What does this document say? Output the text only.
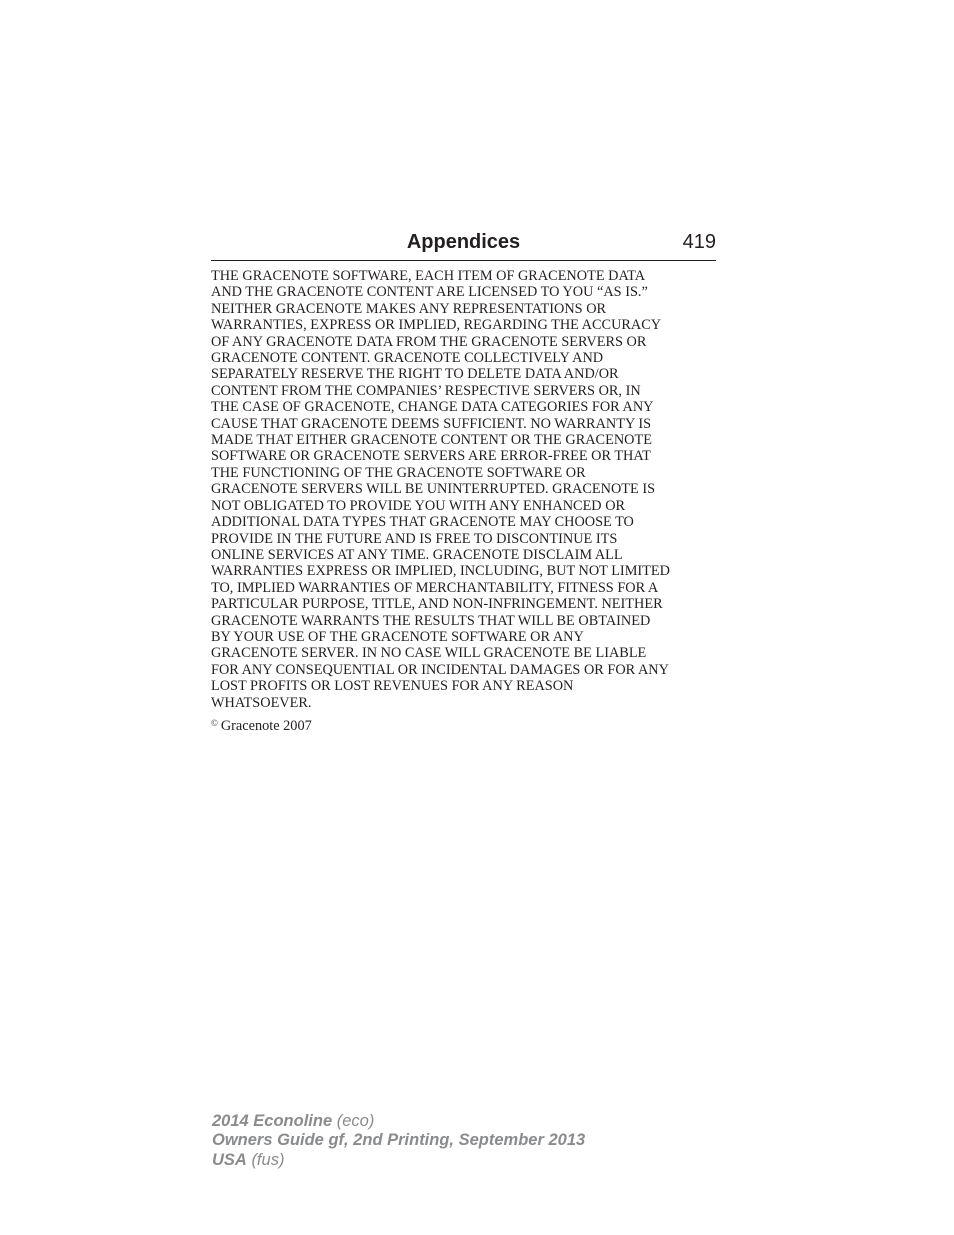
Appendices	419
THE GRACENOTE SOFTWARE, EACH ITEM OF GRACENOTE DATA
AND THE GRACENOTE CONTENT ARE LICENSED TO YOU “AS IS.”
NEITHER GRACENOTE MAKES ANY REPRESENTATIONS OR
WARRANTIES, EXPRESS OR IMPLIED, REGARDING THE ACCURACY
OF ANY GRACENOTE DATA FROM THE GRACENOTE SERVERS OR
GRACENOTE CONTENT. GRACENOTE COLLECTIVELY AND
SEPARATELY RESERVE THE RIGHT TO DELETE DATA AND/OR
CONTENT FROM THE COMPANIES’ RESPECTIVE SERVERS OR, IN
THE CASE OF GRACENOTE, CHANGE DATA CATEGORIES FOR ANY
CAUSE THAT GRACENOTE DEEMS SUFFICIENT. NO WARRANTY IS
MADE THAT EITHER GRACENOTE CONTENT OR THE GRACENOTE
SOFTWARE OR GRACENOTE SERVERS ARE ERROR-FREE OR THAT
THE FUNCTIONING OF THE GRACENOTE SOFTWARE OR
GRACENOTE SERVERS WILL BE UNINTERRUPTED. GRACENOTE IS
NOT OBLIGATED TO PROVIDE YOU WITH ANY ENHANCED OR
ADDITIONAL DATA TYPES THAT GRACENOTE MAY CHOOSE TO
PROVIDE IN THE FUTURE AND IS FREE TO DISCONTINUE ITS
ONLINE SERVICES AT ANY TIME. GRACENOTE DISCLAIM ALL
WARRANTIES EXPRESS OR IMPLIED, INCLUDING, BUT NOT LIMITED
TO, IMPLIED WARRANTIES OF MERCHANTABILITY, FITNESS FOR A
PARTICULAR PURPOSE, TITLE, AND NON-INFRINGEMENT. NEITHER
GRACENOTE WARRANTS THE RESULTS THAT WILL BE OBTAINED
BY YOUR USE OF THE GRACENOTE SOFTWARE OR ANY
GRACENOTE SERVER. IN NO CASE WILL GRACENOTE BE LIABLE
FOR ANY CONSEQUENTIAL OR INCIDENTAL DAMAGES OR FOR ANY
LOST PROFITS OR LOST REVENUES FOR ANY REASON
WHATSOEVER.
© Gracenote 2007
2014 Econoline (eco)
Owners Guide gf, 2nd Printing, September 2013
USA (fus)
